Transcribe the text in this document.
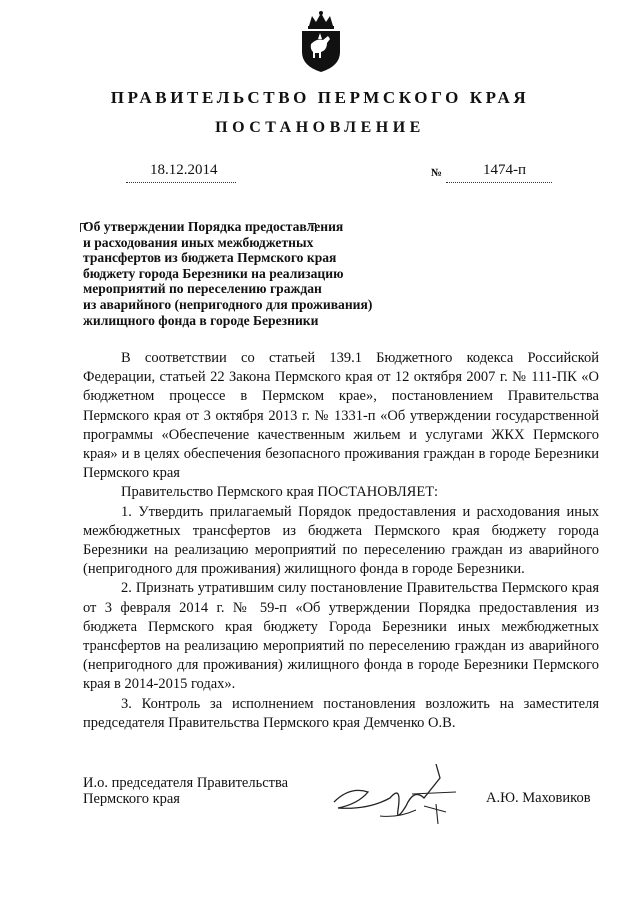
ПРАВИТЕЛЬСТВО ПЕРМСКОГО КРАЯ
ПОСТАНОВЛЕНИЕ
18.12.2014	№	1474-п
Об утверждении Порядка предоставления
и расходования иных межбюджетных
трансфертов из бюджета Пермского края
бюджету города Березники на реализацию
мероприятий по переселению граждан
из аварийного (непригодного для проживания)
жилищного фонда в городе Березники

В соответствии со статьей 139.1 Бюджетного кодекса Российской Федерации, статьей 22 Закона Пермского края от 12 октября 2007 г. № 111-ПК «О бюджетном процессе в Пермском крае», постановлением Правительства Пермского края от 3 октября 2013 г. № 1331-п «Об утверждении государственной программы «Обеспечение качественным жильем и услугами ЖКХ Пермского края» и в целях обеспечения безопасного проживания граждан в городе Березники Пермского края

Правительство Пермского края ПОСТАНОВЛЯЕТ:

1. Утвердить прилагаемый Порядок предоставления и расходования иных межбюджетных трансфертов из бюджета Пермского края бюджету города Березники на реализацию мероприятий по переселению граждан из аварийного (непригодного для проживания) жилищного фонда в городе Березники.

2. Признать утратившим силу постановление Правительства Пермского края от 3 февраля 2014 г. № 59-п «Об утверждении Порядка предоставления из бюджета Пермского края бюджету Города Березники иных межбюджетных трансфертов на реализацию мероприятий по переселению граждан из аварийного (непригодного для проживания) жилищного фонда в городе Березники Пермского края в 2014-2015 годах».

3. Контроль за исполнением постановления возложить на заместителя председателя Правительства Пермского края Демченко О.В.

И.о. председателя Правительства
Пермского края	А.Ю. Маховиков
